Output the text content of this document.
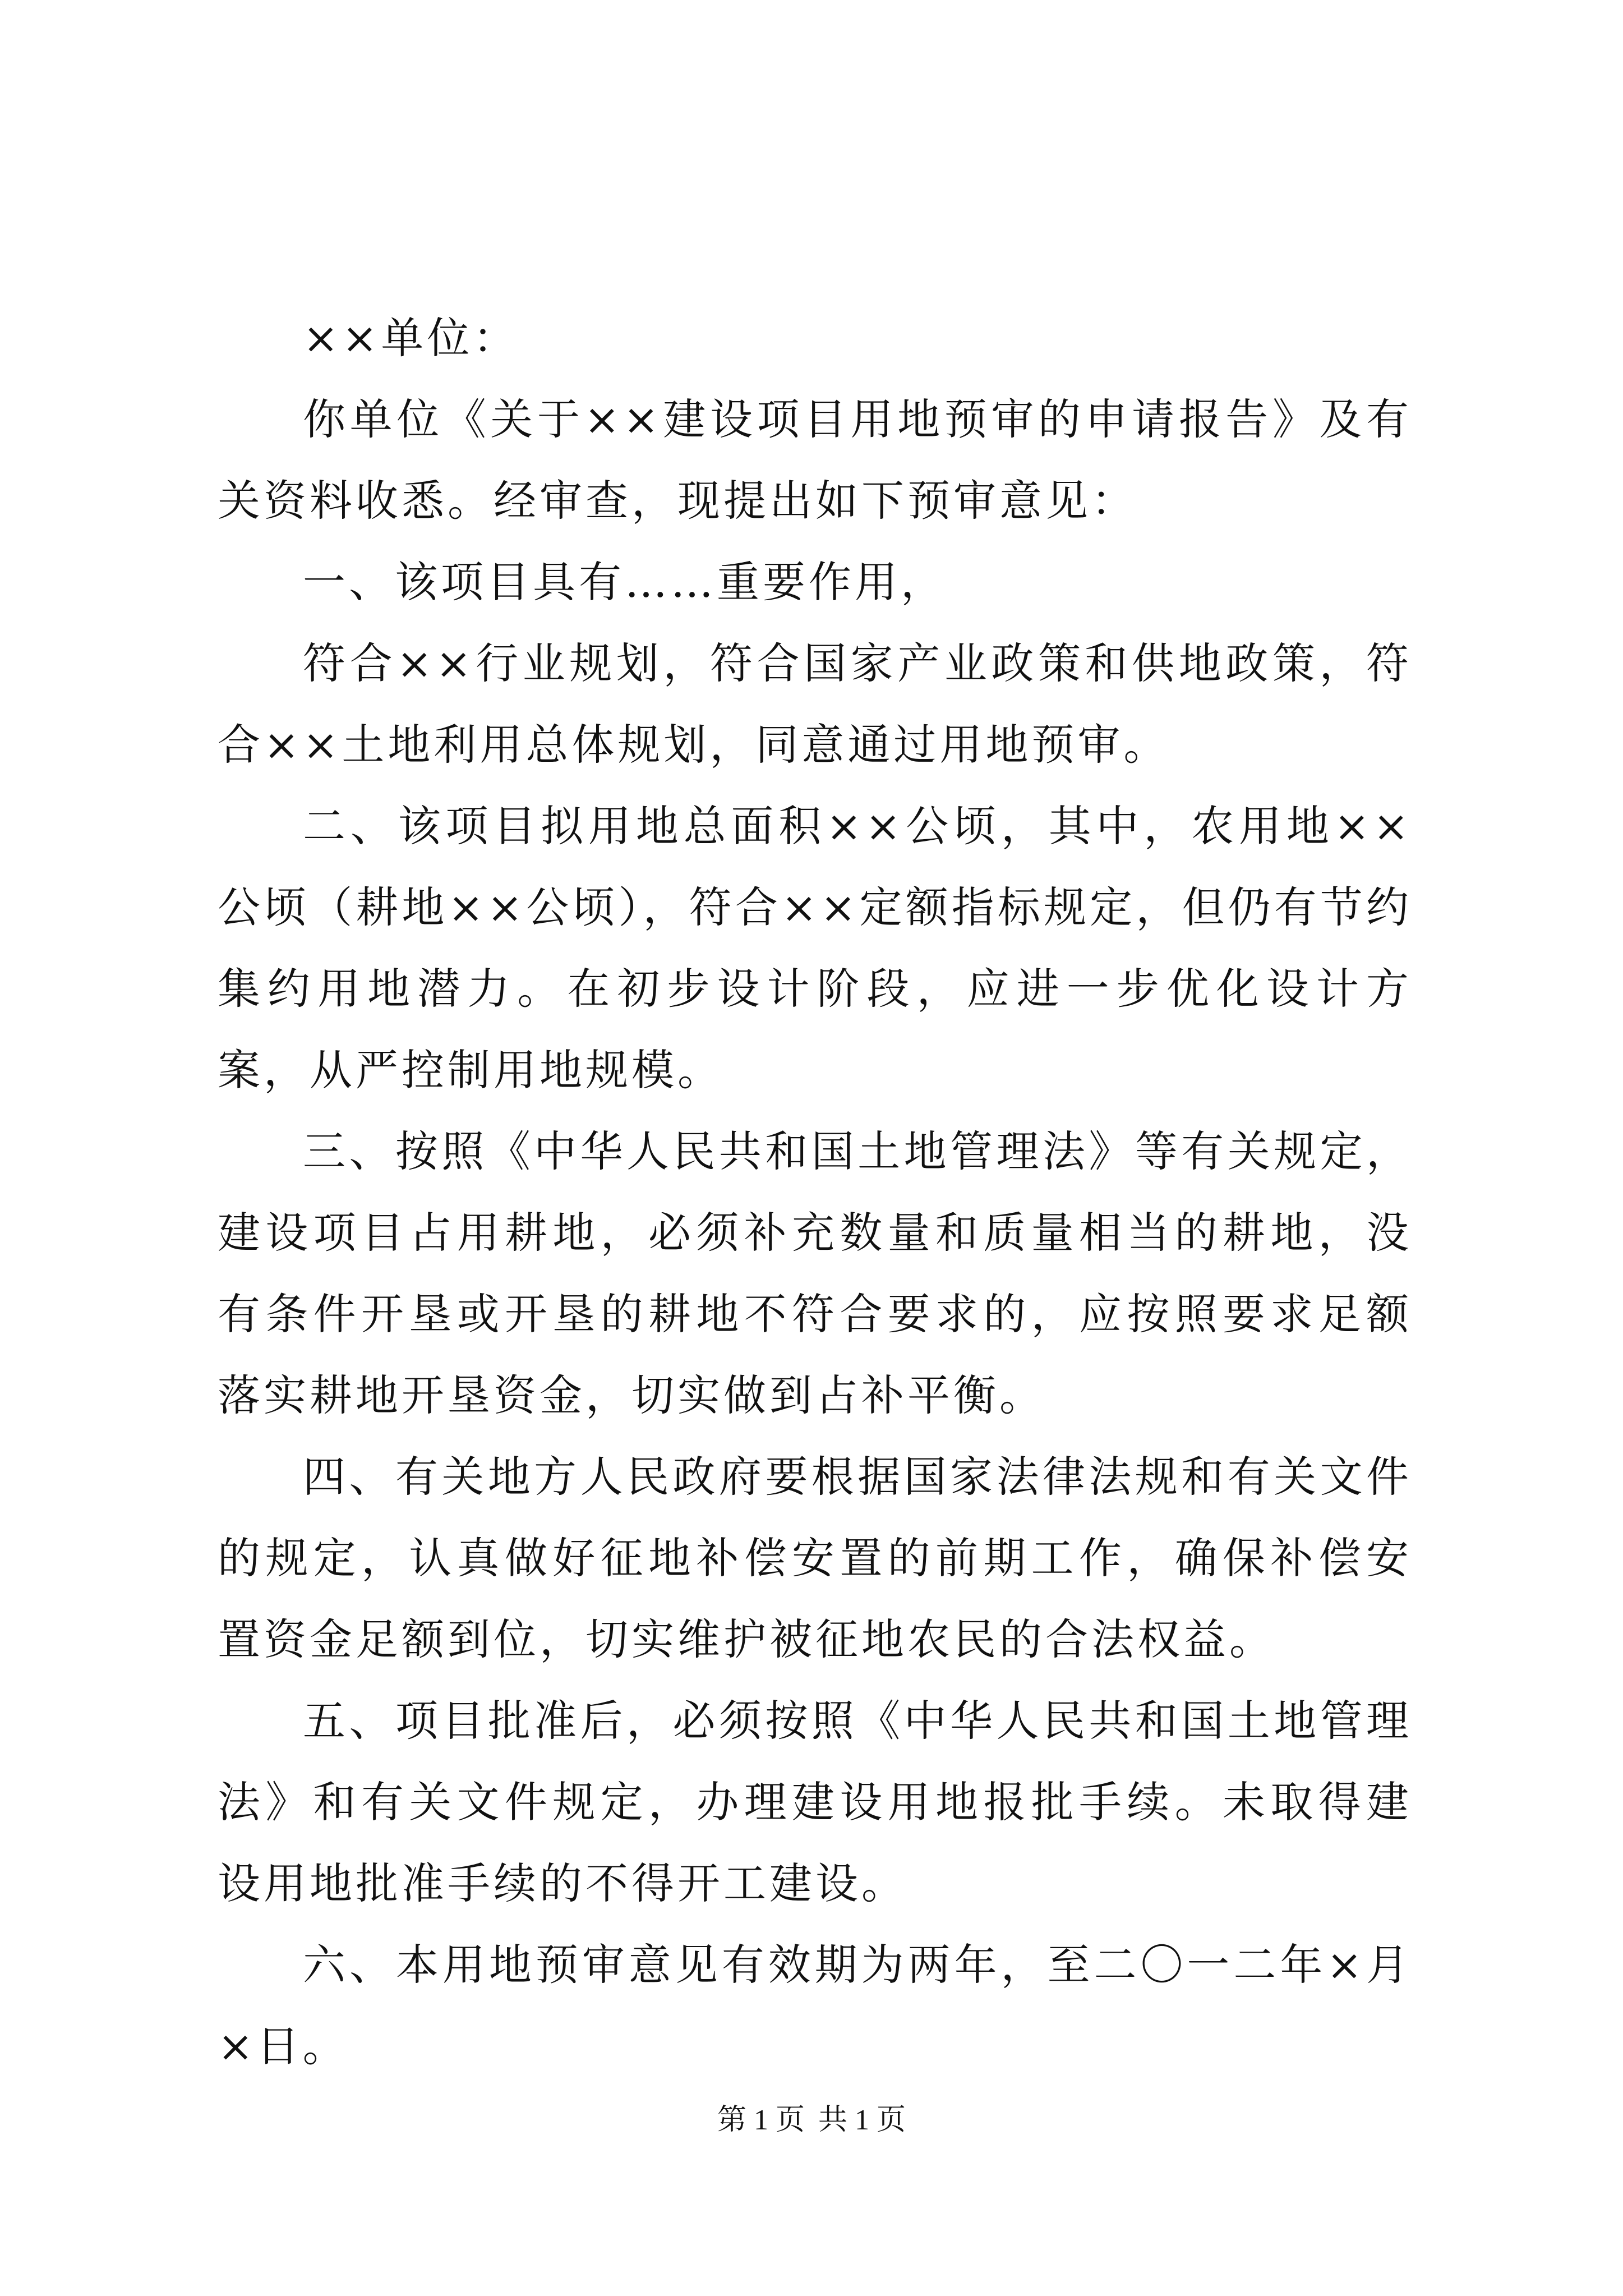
××单位：

你单位《关于××建设项目用地预审的申请报告》及有关资料收悉。经审查，现提出如下预审意见：

一、该项目具有……重要作用，

符合××行业规划，符合国家产业政策和供地政策，符合××土地利用总体规划，同意通过用地预审。

二、该项目拟用地总面积××公顷，其中，农用地××公顷（耕地××公顷），符合××定额指标规定，但仍有节约集约用地潜力。在初步设计阶段，应进一步优化设计方案，从严控制用地规模。

三、按照《中华人民共和国土地管理法》等有关规定，建设项目占用耕地，必须补充数量和质量相当的耕地，没有条件开垦或开垦的耕地不符合要求的，应按照要求足额落实耕地开垦资金，切实做到占补平衡。

四、有关地方人民政府要根据国家法律法规和有关文件的规定，认真做好征地补偿安置的前期工作，确保补偿安置资金足额到位，切实维护被征地农民的合法权益。

五、项目批准后，必须按照《中华人民共和国土地管理法》和有关文件规定，办理建设用地报批手续。未取得建设用地批准手续的不得开工建设。

六、本用地预审意见有效期为两年，至二〇一二年×月×日。

第 1 页 共 1 页
